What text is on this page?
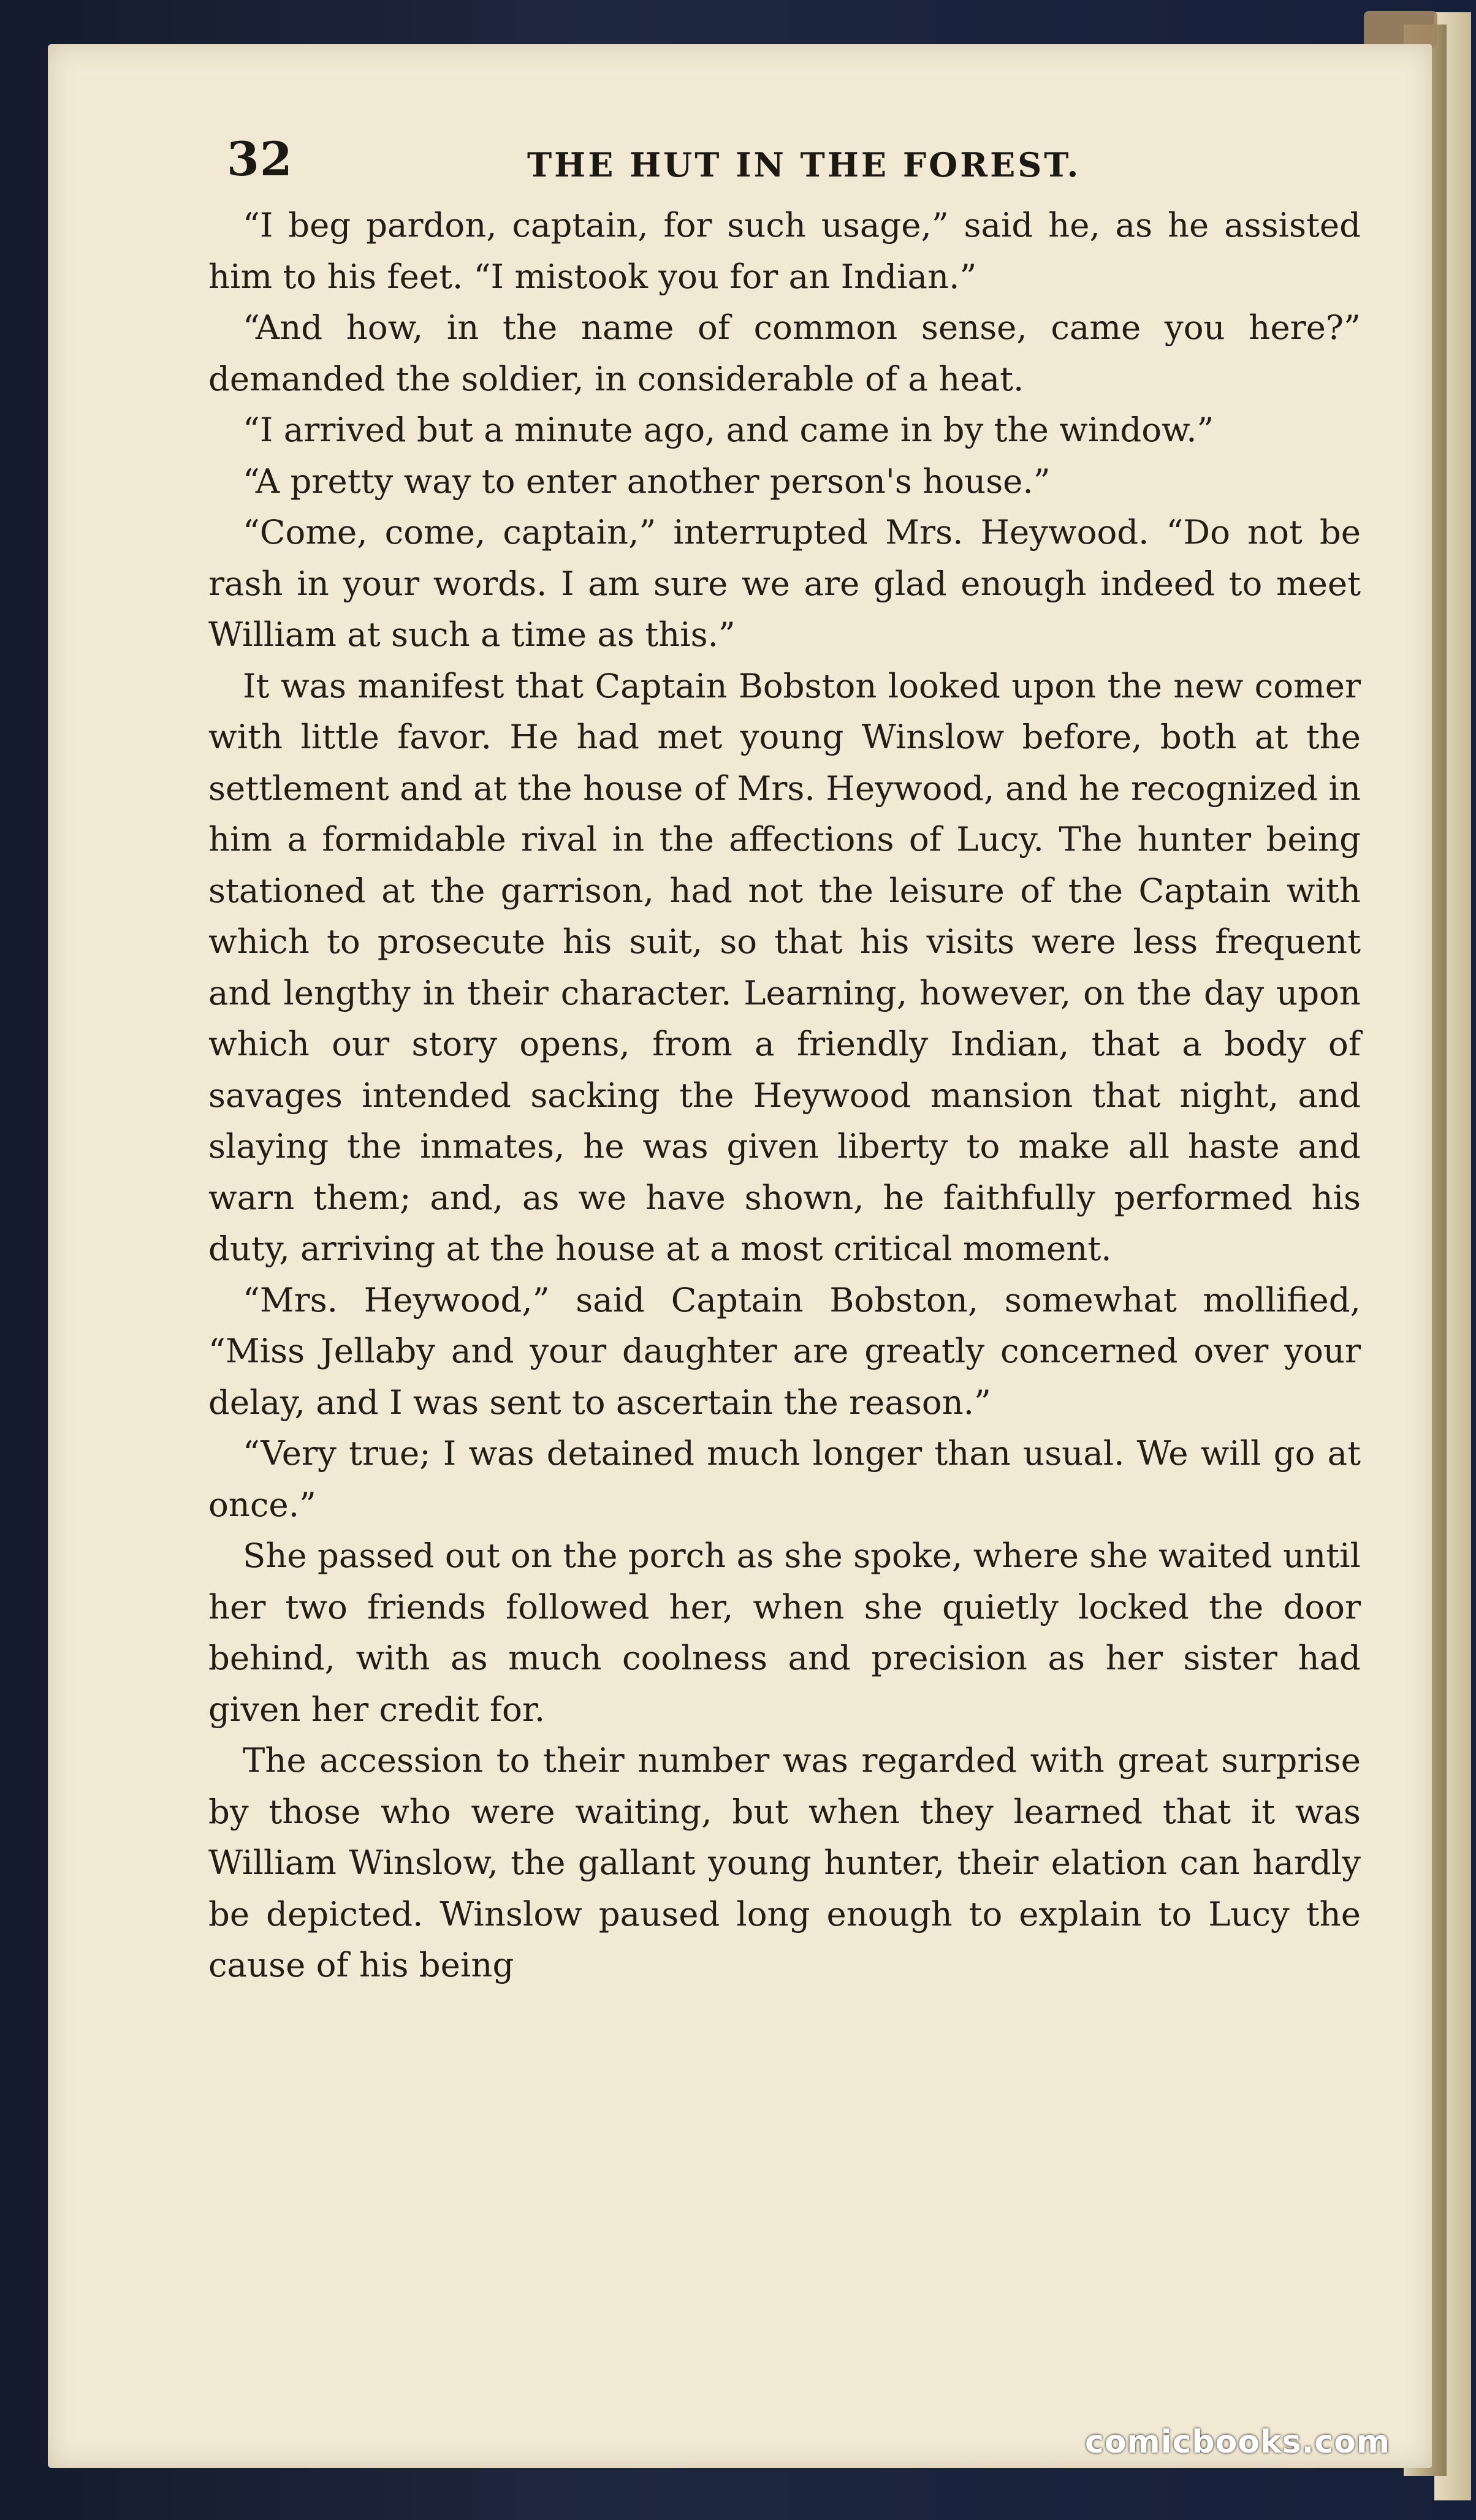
32	THE HUT IN THE FOREST.

“I beg pardon, captain, for such usage,” said he, as he assisted him to his feet. “I mistook you for an Indian.”

“And how, in the name of common sense, came you here?” demanded the soldier, in considerable of a heat.

“I arrived but a minute ago, and came in by the window.”

“A pretty way to enter another person's house.”

“Come, come, captain,” interrupted Mrs. Heywood. “Do not be rash in your words. I am sure we are glad enough indeed to meet William at such a time as this.”

It was manifest that Captain Bobston looked upon the new comer with little favor. He had met young Winslow before, both at the settlement and at the house of Mrs. Heywood, and he recognized in him a formidable rival in the affections of Lucy. The hunter being stationed at the garrison, had not the leisure of the Captain with which to prosecute his suit, so that his visits were less frequent and lengthy in their character. Learning, however, on the day upon which our story opens, from a friendly Indian, that a body of savages intended sacking the Heywood mansion that night, and slaying the inmates, he was given liberty to make all haste and warn them; and, as we have shown, he faithfully performed his duty, arriving at the house at a most critical moment.

“Mrs. Heywood,” said Captain Bobston, somewhat mollified, “Miss Jellaby and your daughter are greatly concerned over your delay, and I was sent to ascertain the reason.”

“Very true; I was detained much longer than usual. We will go at once.”

She passed out on the porch as she spoke, where she waited until her two friends followed her, when she quietly locked the door behind, with as much coolness and precision as her sister had given her credit for.

The accession to their number was regarded with great surprise by those who were waiting, but when they learned that it was William Winslow, the gallant young hunter, their elation can hardly be depicted. Winslow paused long enough to explain to Lucy the cause of his being

comicbooks.com
